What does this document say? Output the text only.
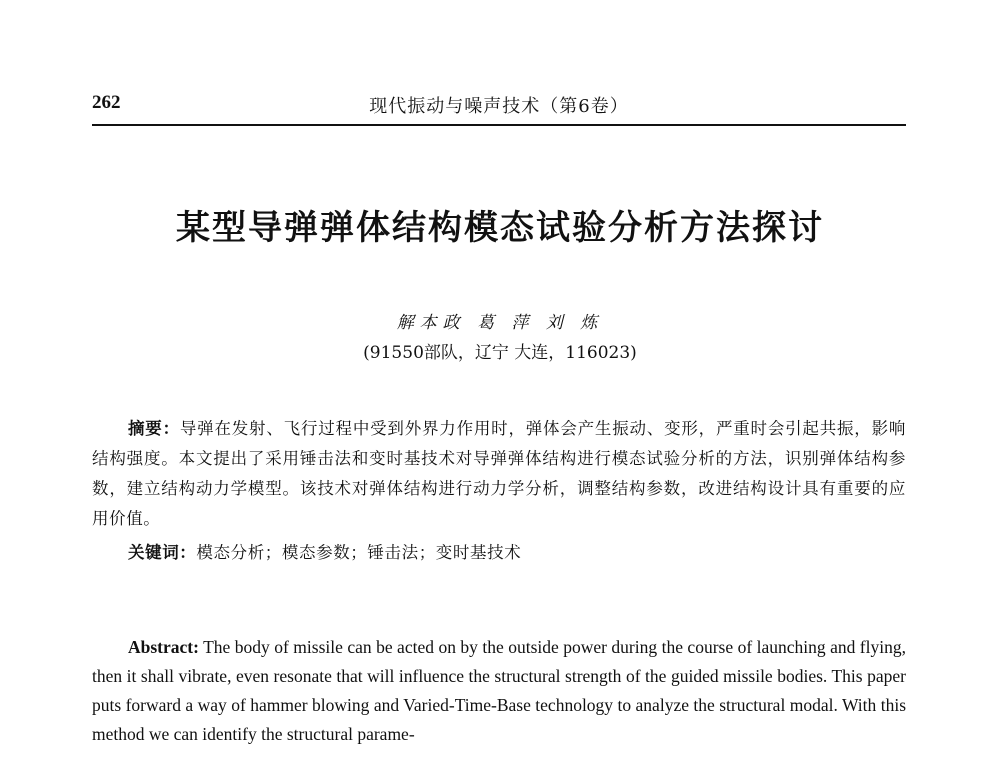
262	现代振动与噪声技术（第6卷）
某型导弹弹体结构模态试验分析方法探讨
解本政 葛 萍 刘 炼
(91550部队，辽宁 大连，116023)
摘要：导弹在发射、飞行过程中受到外界力作用时，弹体会产生振动、变形，严重时会引起共振，影响结构强度。本文提出了采用锤击法和变时基技术对导弹弹体结构进行模态试验分析的方法，识别弹体结构参数，建立结构动力学模型。该技术对弹体结构进行动力学分析，调整结构参数，改进结构设计具有重要的应用价值。
关键词：模态分析；模态参数；锤击法；变时基技术
Abstract: The body of missile can be acted on by the outside power during the course of launching and flying, then it shall vibrate, even resonate that will influence the structural strength of the guided missile bodies. This paper puts forward a way of hammer blowing and Varied-Time-Base technology to analyze the structural modal. With this method we can identify the structural parame-
